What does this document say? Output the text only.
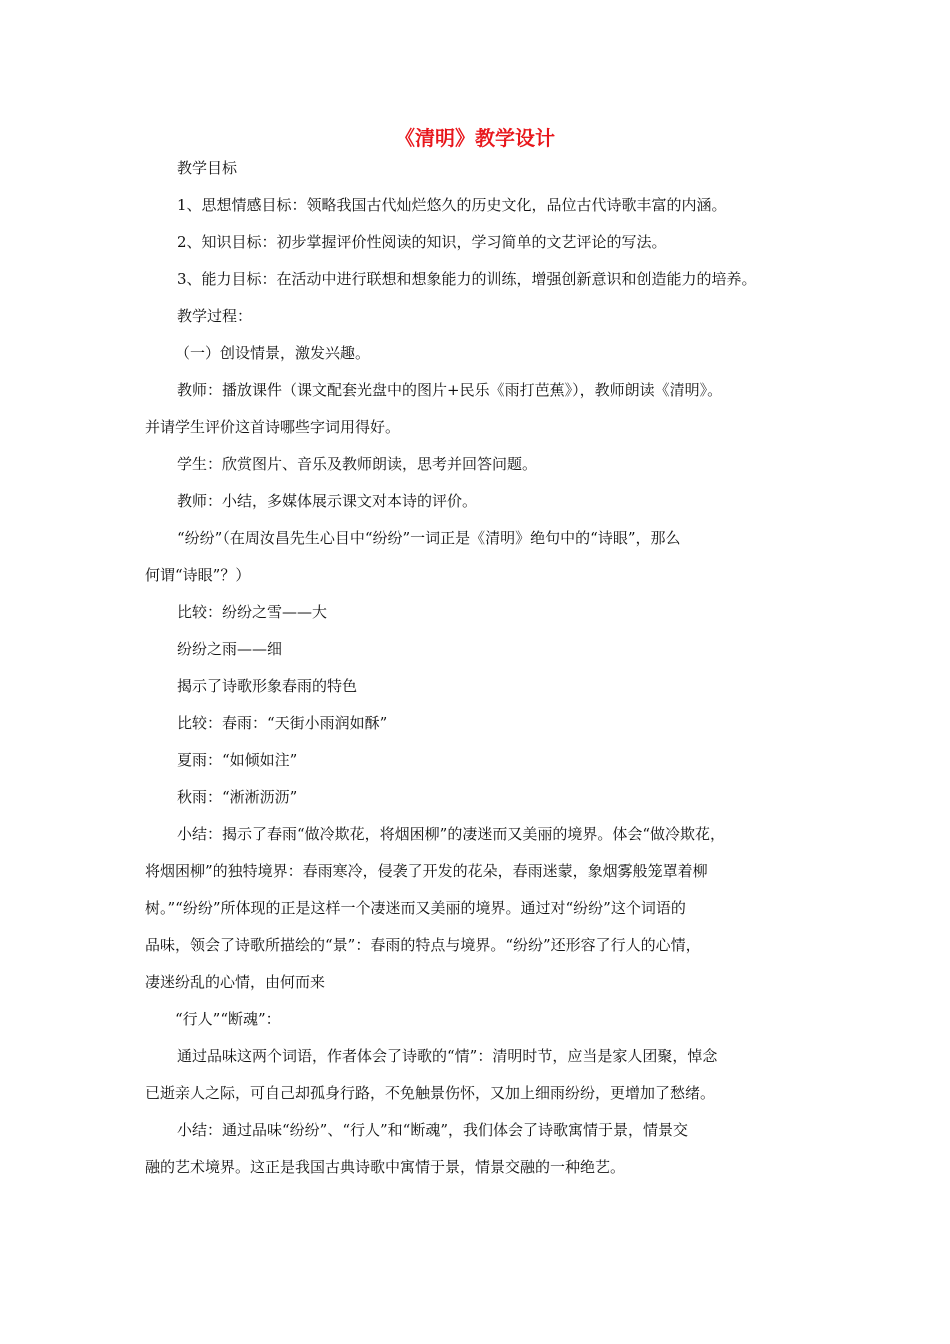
《清明》教学设计

教学目标

1、思想情感目标：领略我国古代灿烂悠久的历史文化，品位古代诗歌丰富的内涵。

2、知识目标：初步掌握评价性阅读的知识，学习简单的文艺评论的写法。

3、能力目标：在活动中进行联想和想象能力的训练，增强创新意识和创造能力的培养。

教学过程：

（一）创设情景，激发兴趣。

教师：播放课件（课文配套光盘中的图片+民乐《雨打芭蕉》），教师朗读《清明》。

并请学生评价这首诗哪些字词用得好。

学生：欣赏图片、音乐及教师朗读，思考并回答问题。

教师：小结，多媒体展示课文对本诗的评价。

“纷纷”（在周汝昌先生心目中“纷纷”一词正是《清明》绝句中的“诗眼”，那么

何谓“诗眼”？）

比较：纷纷之雪——大

纷纷之雨——细

揭示了诗歌形象春雨的特色

比较：春雨：“天街小雨润如酥”

夏雨：“如倾如注”

秋雨：“淅淅沥沥”

小结：揭示了春雨“做冷欺花，将烟困柳”的凄迷而又美丽的境界。体会“做冷欺花，

将烟困柳”的独特境界：春雨寒冷，侵袭了开发的花朵，春雨迷蒙，象烟雾般笼罩着柳

树。”“纷纷”所体现的正是这样一个凄迷而又美丽的境界。通过对“纷纷”这个词语的

品味，领会了诗歌所描绘的“景”：春雨的特点与境界。“纷纷”还形容了行人的心情，

凄迷纷乱的心情，由何而来

“行人”“断魂”：

通过品味这两个词语，作者体会了诗歌的“情”：清明时节，应当是家人团聚，悼念

已逝亲人之际，可自己却孤身行路，不免触景伤怀，又加上细雨纷纷，更增加了愁绪。

小结：通过品味“纷纷”、“行人”和“断魂”，我们体会了诗歌寓情于景，情景交

融的艺术境界。这正是我国古典诗歌中寓情于景，情景交融的一种绝艺。
